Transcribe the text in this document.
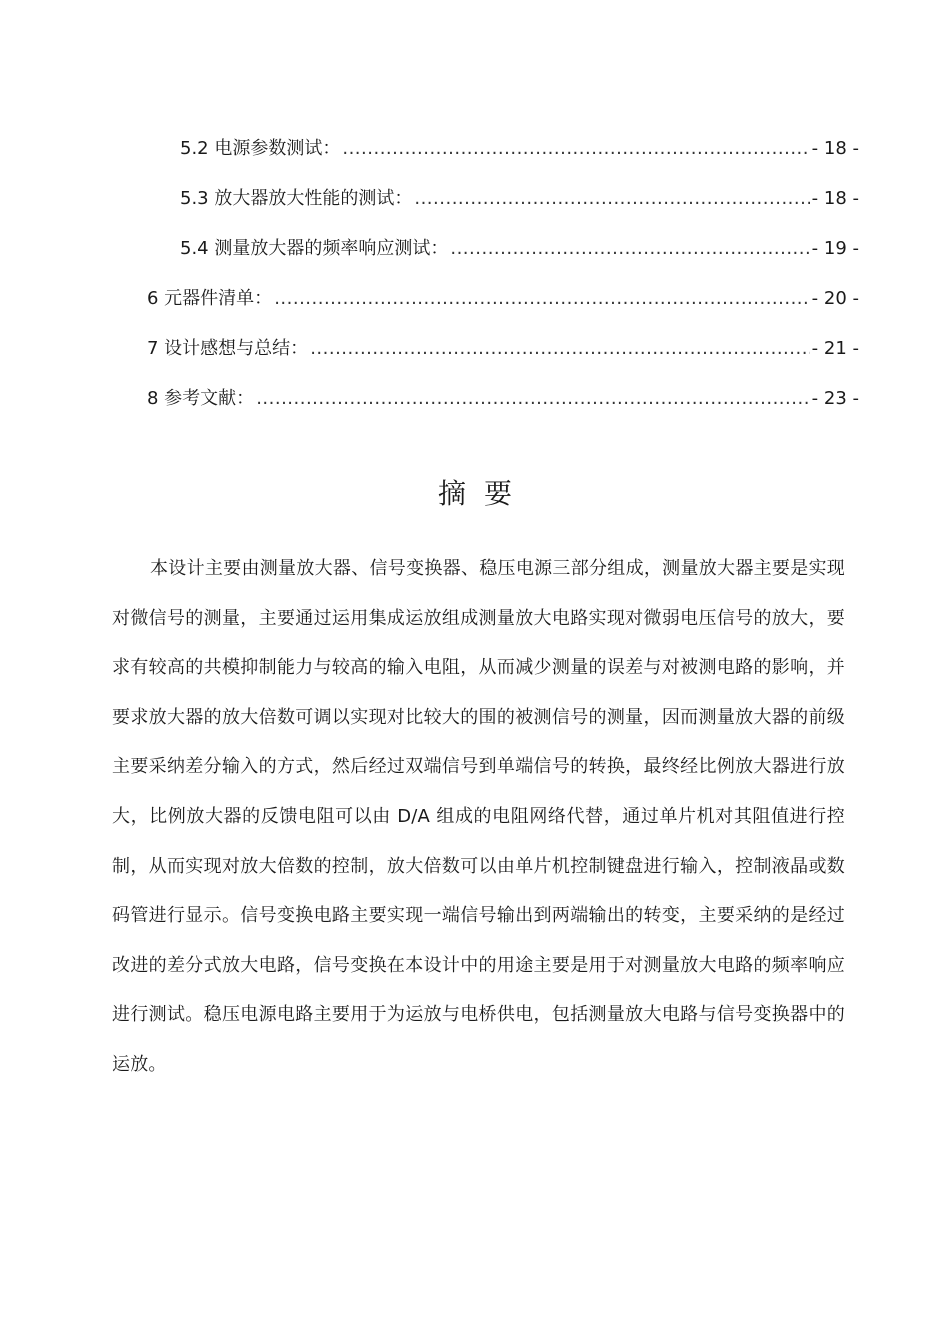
5.2 电源参数测试： .....	- 18 -
5.3 放大器放大性能的测试： .....	- 18 -
5.4 测量放大器的频率响应测试： .....	- 19 -
6 元器件清单： .....	- 20 -
7 设计感想与总结： .....	- 21 -
8 参考文献： .....	- 23 -
摘要

本设计主要由测量放大器、信号变换器、稳压电源三部分组成，测量放大器主要是实现对微信号的测量，主要通过运用集成运放组成测量放大电路实现对微弱电压信号的放大，要求有较高的共模抑制能力与较高的输入电阻，从而减少测量的误差与对被测电路的影响，并要求放大器的放大倍数可调以实现对比较大的围的被测信号的测量，因而测量放大器的前级主要采纳差分输入的方式，然后经过双端信号到单端信号的转换，最终经比例放大器进行放大，比例放大器的反馈电阻可以由 D/A 组成的电阻网络代替，通过单片机对其阻值进行控制，从而实现对放大倍数的控制，放大倍数可以由单片机控制键盘进行输入，控制液晶或数码管进行显示。信号变换电路主要实现一端信号输出到两端输出的转变，主要采纳的是经过改进的差分式放大电路，信号变换在本设计中的用途主要是用于对测量放大电路的频率响应进行测试。稳压电源电路主要用于为运放与电桥供电，包括测量放大电路与信号变换器中的运放。
